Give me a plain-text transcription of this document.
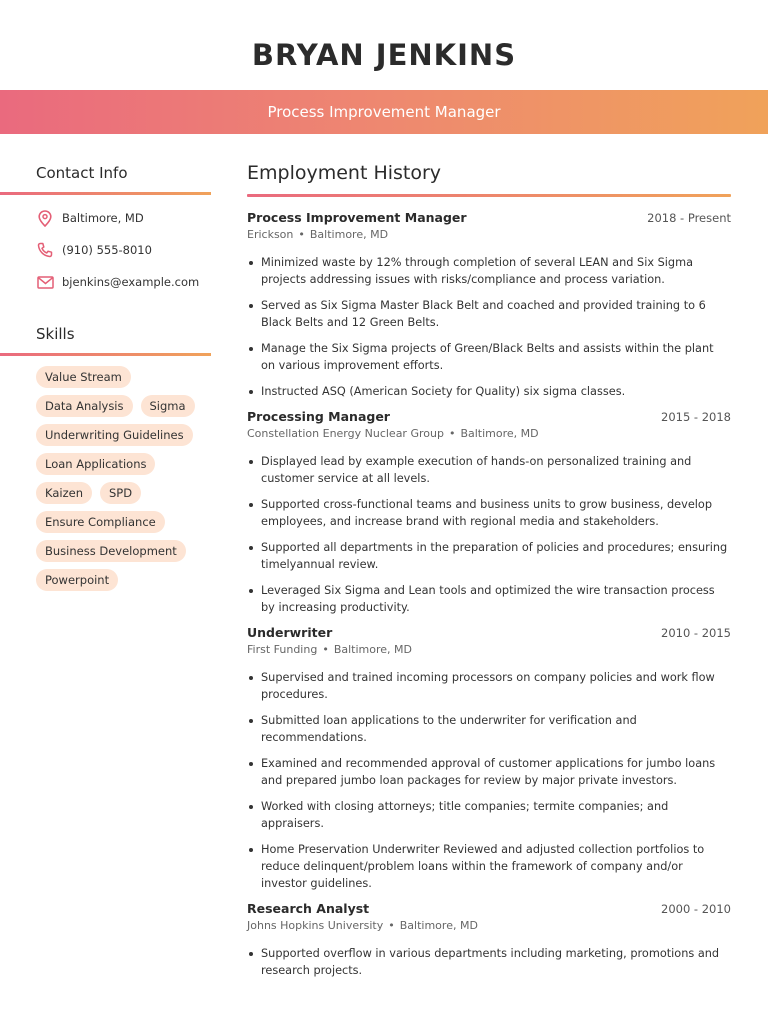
BRYAN JENKINS
Process Improvement Manager
Contact Info
Baltimore, MD
(910) 555-8010
bjenkins@example.com
Skills
Value Stream
Data Analysis	Sigma
Underwriting Guidelines
Loan Applications
Kaizen	SPD
Ensure Compliance
Business Development
Powerpoint
Employment History
Process Improvement Manager	2018 - Present
Erickson • Baltimore, MD
Minimized waste by 12% through completion of several LEAN and Six Sigma projects addressing issues with risks/compliance and process variation.
Served as Six Sigma Master Black Belt and coached and provided training to 6 Black Belts and 12 Green Belts.
Manage the Six Sigma projects of Green/Black Belts and assists within the plant on various improvement efforts.
Instructed ASQ (American Society for Quality) six sigma classes.
Processing Manager	2015 - 2018
Constellation Energy Nuclear Group • Baltimore, MD
Displayed lead by example execution of hands-on personalized training and customer service at all levels.
Supported cross-functional teams and business units to grow business, develop employees, and increase brand with regional media and stakeholders.
Supported all departments in the preparation of policies and procedures; ensuring timelyannual review.
Leveraged Six Sigma and Lean tools and optimized the wire transaction process by increasing productivity.
Underwriter	2010 - 2015
First Funding • Baltimore, MD
Supervised and trained incoming processors on company policies and work flow procedures.
Submitted loan applications to the underwriter for verification and recommendations.
Examined and recommended approval of customer applications for jumbo loans and prepared jumbo loan packages for review by major private investors.
Worked with closing attorneys; title companies; termite companies; and appraisers.
Home Preservation Underwriter Reviewed and adjusted collection portfolios to reduce delinquent/problem loans within the framework of company and/or investor guidelines.
Research Analyst	2000 - 2010
Johns Hopkins University • Baltimore, MD
Supported overflow in various departments including marketing, promotions and research projects.
